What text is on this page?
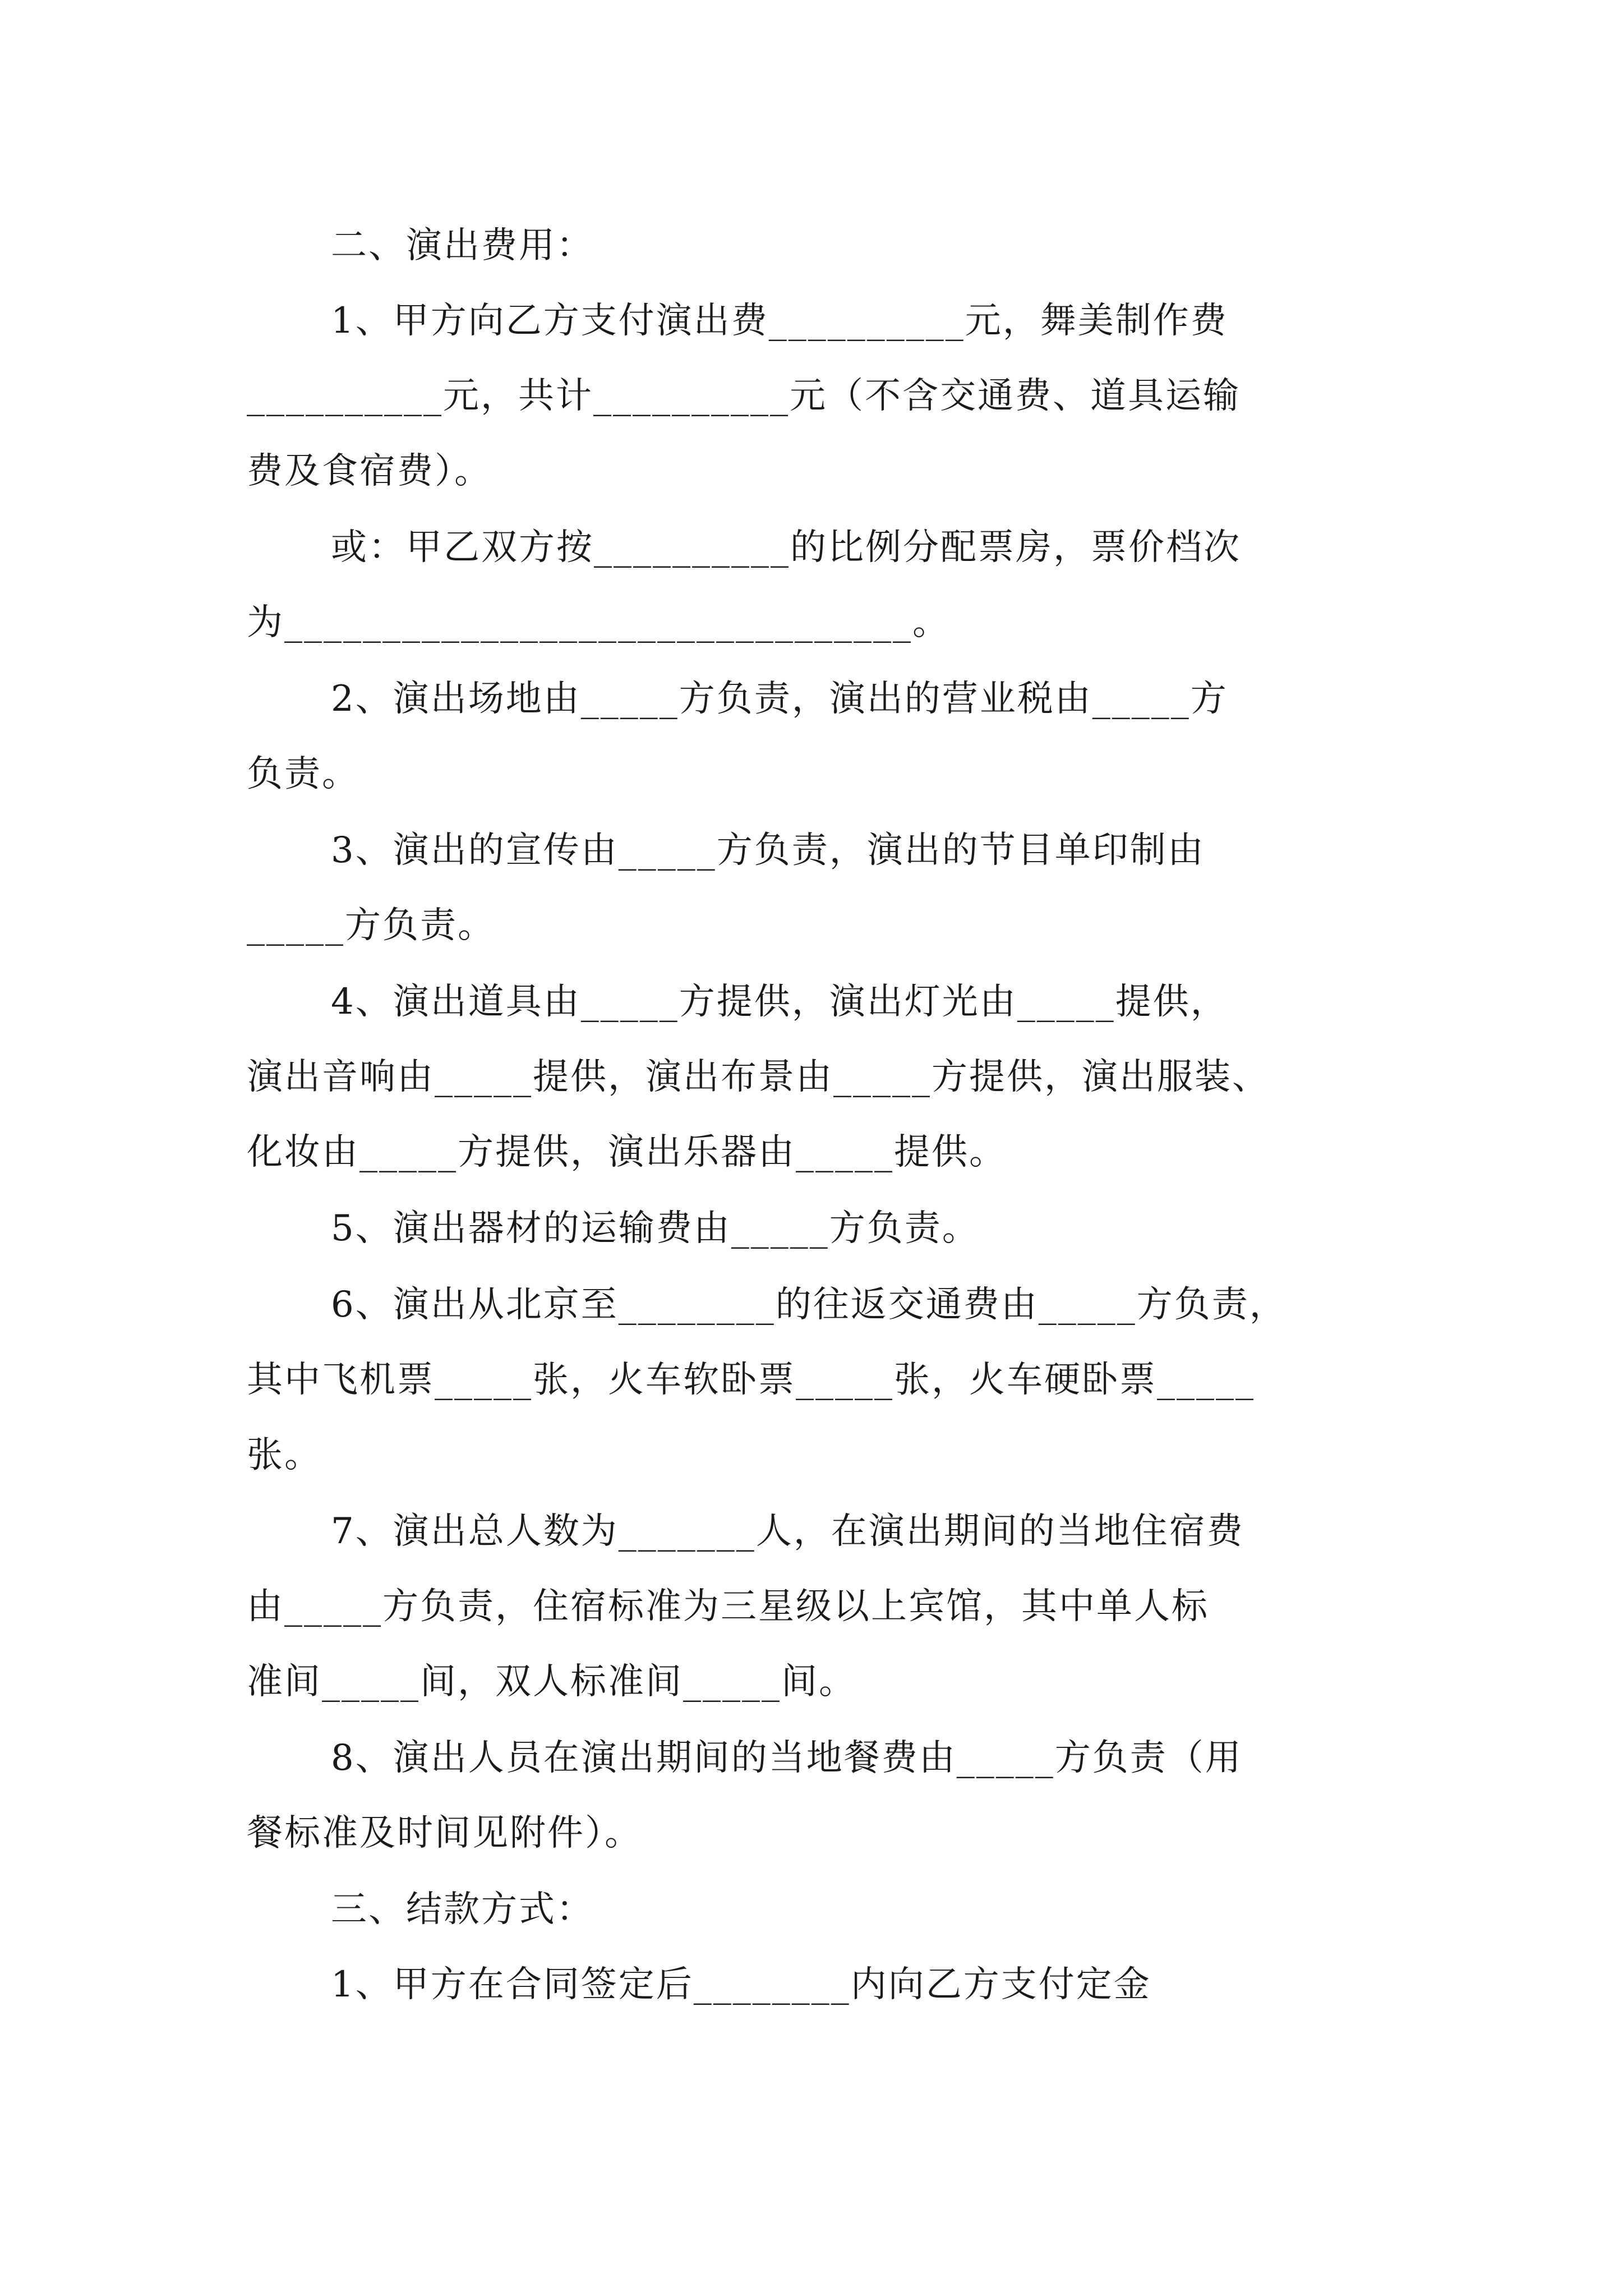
二、演出费用：
1、甲方向乙方支付演出费__________元，舞美制作费
__________元，共计__________元（不含交通费、道具运输
费及食宿费）。
或：甲乙双方按__________的比例分配票房，票价档次
为________________________________。
2、演出场地由_____方负责，演出的营业税由_____方
负责。
3、演出的宣传由_____方负责，演出的节目单印制由
_____方负责。
4、演出道具由_____方提供，演出灯光由_____提供，
演出音响由_____提供，演出布景由_____方提供，演出服装、
化妆由_____方提供，演出乐器由_____提供。
5、演出器材的运输费由_____方负责。
6、演出从北京至________的往返交通费由_____方负责，
其中飞机票_____张，火车软卧票_____张，火车硬卧票_____
张。
7、演出总人数为_______人，在演出期间的当地住宿费
由_____方负责，住宿标准为三星级以上宾馆，其中单人标
准间_____间，双人标准间_____间。
8、演出人员在演出期间的当地餐费由_____方负责（用
餐标准及时间见附件）。
三、结款方式：
1、甲方在合同签定后________内向乙方支付定金
